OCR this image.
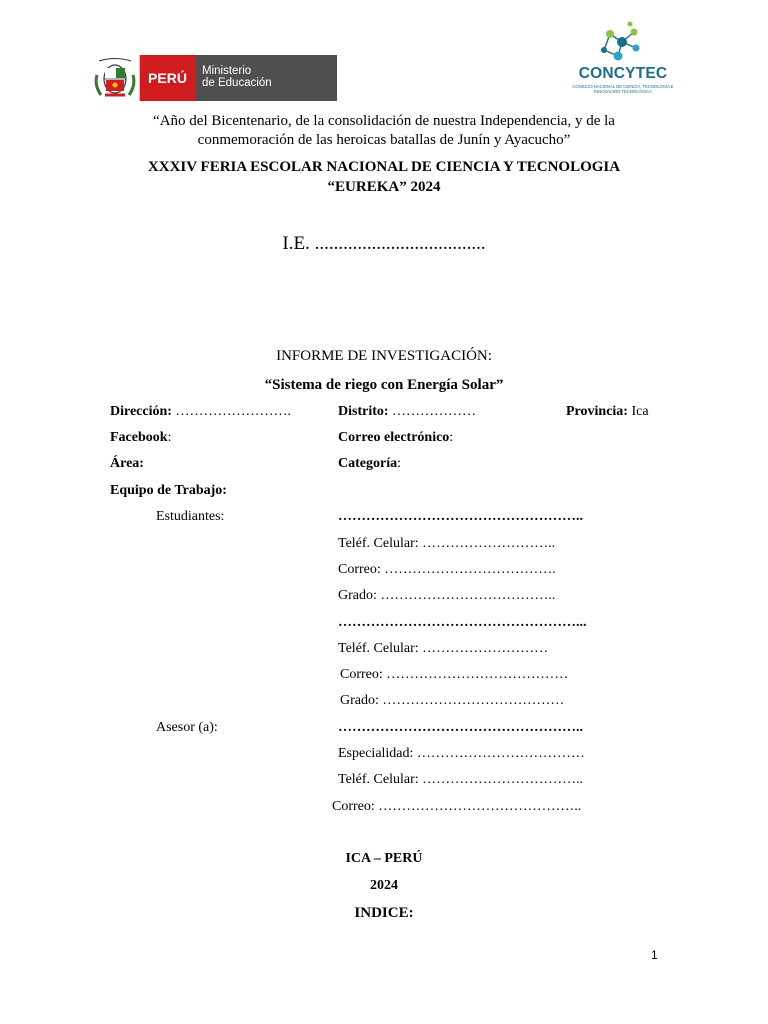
PERÚ	Ministerio
de Educación
CONCYTEC
CONSEJO NACIONAL DE CIENCIA, TECNOLOGÍA E INNOVACIÓN TECNOLÓGICA
“Año del Bicentenario, de la consolidación de nuestra Independencia, y de la
conmemoración de las heroicas batallas de Junín y Ayacucho”
XXXIV FERIA ESCOLAR NACIONAL DE CIENCIA Y TECNOLOGIA
“EUREKA” 2024
I.E. ....................................
INFORME DE INVESTIGACIÓN:
“Sistema de riego con Energía Solar”
Dirección: …………………….	Distrito: ………………	Provincia: Ica
Facebook:	Correo electrónico:
Área:	Categoría:
Equipo de Trabajo:
Estudiantes:	……………………………………………..
Teléf. Celular: ………………………..
Correo: ……………………………….
Grado: ………………………………..
……………………………………………...
Teléf. Celular: ………………………
Correo: …………………………………
Grado: …………………………………
Asesor (a):	……………………………………………..
Especialidad: ………………………………
Teléf. Celular: ……………………………..
Correo: ……………………………………..
ICA – PERÚ
2024
INDICE:
1
